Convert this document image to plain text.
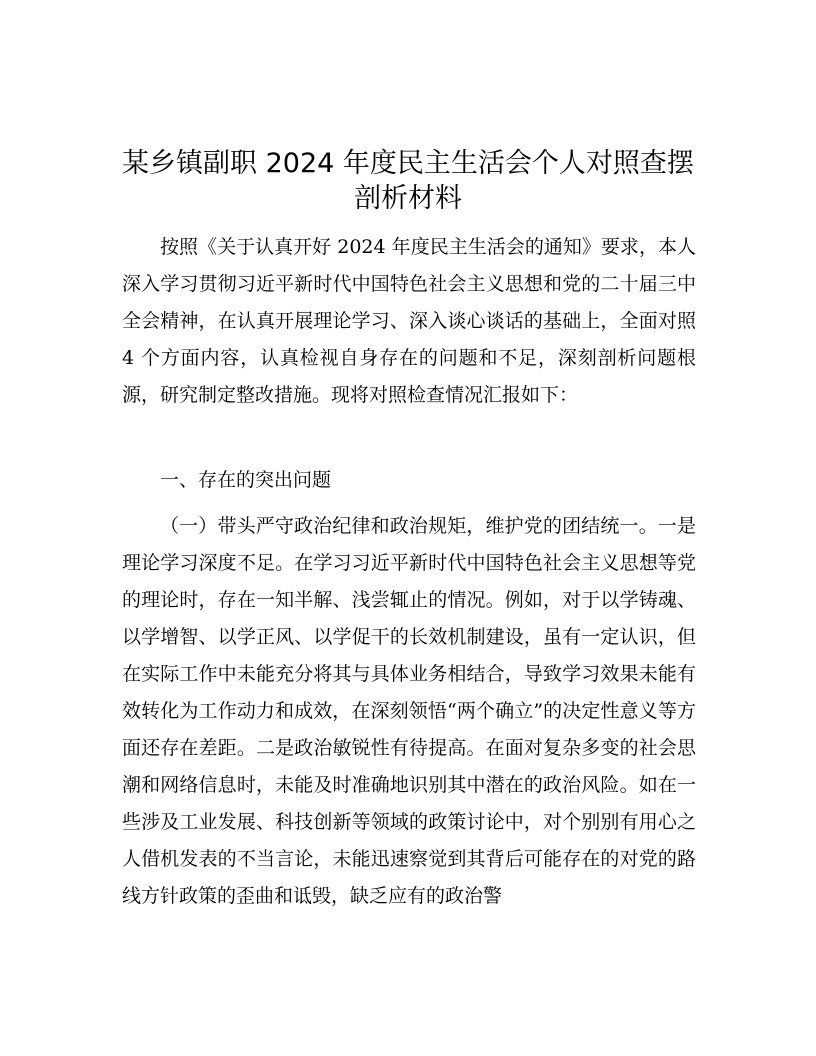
某乡镇副职 2024 年度民主生活会个人对照查摆
剖析材料

按照《关于认真开好 2024 年度民主生活会的通知》要求，本人深入学习贯彻习近平新时代中国特色社会主义思想和党的二十届三中全会精神，在认真开展理论学习、深入谈心谈话的基础上，全面对照 4 个方面内容，认真检视自身存在的问题和不足，深刻剖析问题根源，研究制定整改措施。现将对照检查情况汇报如下：

一、存在的突出问题

（一）带头严守政治纪律和政治规矩，维护党的团结统一。一是理论学习深度不足。在学习习近平新时代中国特色社会主义思想等党的理论时，存在一知半解、浅尝辄止的情况。例如，对于以学铸魂、以学增智、以学正风、以学促干的长效机制建设，虽有一定认识，但在实际工作中未能充分将其与具体业务相结合，导致学习效果未能有效转化为工作动力和成效，在深刻领悟“两个确立”的决定性意义等方面还存在差距。二是政治敏锐性有待提高。在面对复杂多变的社会思潮和网络信息时，未能及时准确地识别其中潜在的政治风险。如在一些涉及工业发展、科技创新等领域的政策讨论中，对个别别有用心之人借机发表的不当言论，未能迅速察觉到其背后可能存在的对党的路线方针政策的歪曲和诋毁，缺乏应有的政治警
